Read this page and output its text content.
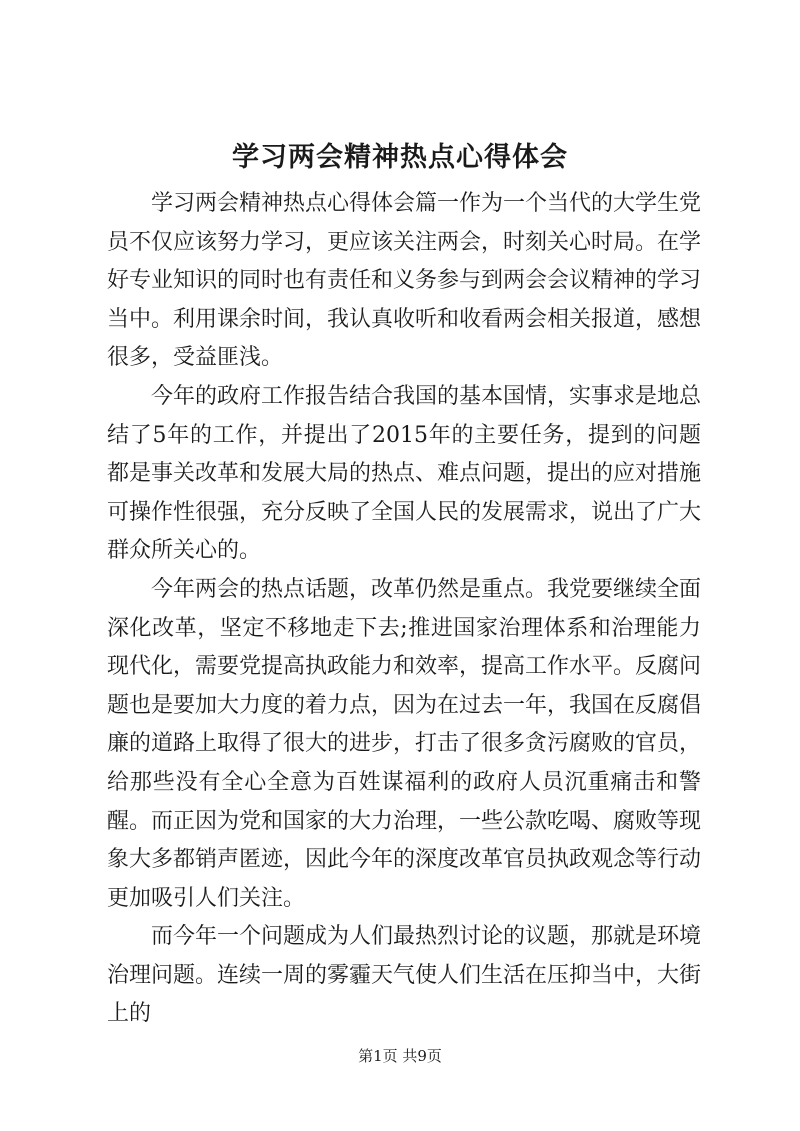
学习两会精神热点心得体会

学习两会精神热点心得体会篇一作为一个当代的大学生党员不仅应该努力学习，更应该关注两会，时刻关心时局。在学好专业知识的同时也有责任和义务参与到两会会议精神的学习当中。利用课余时间，我认真收听和收看两会相关报道，感想很多，受益匪浅。

今年的政府工作报告结合我国的基本国情，实事求是地总结了5年的工作，并提出了2015年的主要任务，提到的问题都是事关改革和发展大局的热点、难点问题，提出的应对措施可操作性很强，充分反映了全国人民的发展需求，说出了广大群众所关心的。

今年两会的热点话题，改革仍然是重点。我党要继续全面深化改革，坚定不移地走下去;推进国家治理体系和治理能力现代化，需要党提高执政能力和效率，提高工作水平。反腐问题也是要加大力度的着力点，因为在过去一年，我国在反腐倡廉的道路上取得了很大的进步，打击了很多贪污腐败的官员，给那些没有全心全意为百姓谋福利的政府人员沉重痛击和警醒。而正因为党和国家的大力治理，一些公款吃喝、腐败等现象大多都销声匿迹，因此今年的深度改革官员执政观念等行动更加吸引人们关注。

而今年一个问题成为人们最热烈讨论的议题，那就是环境治理问题。连续一周的雾霾天气使人们生活在压抑当中，大街上的

第1页 共9页
